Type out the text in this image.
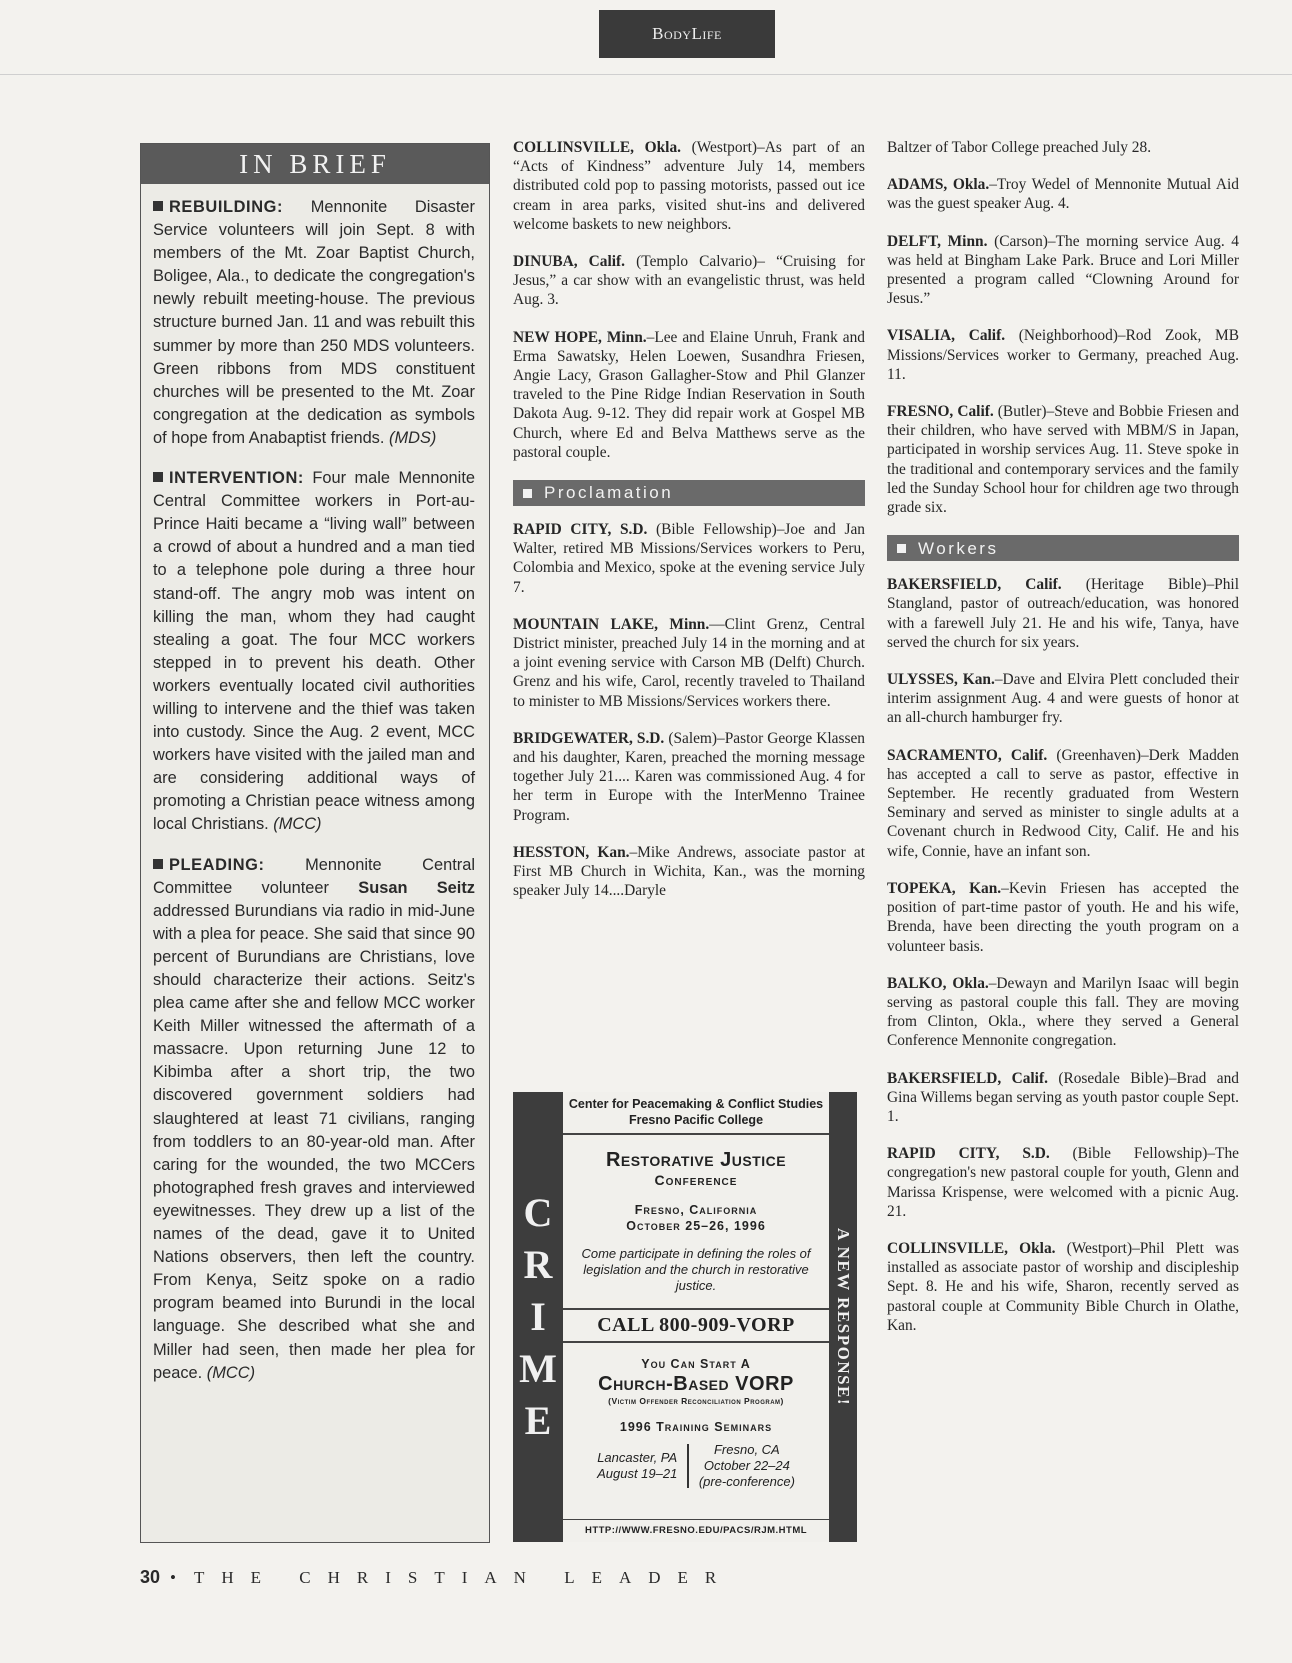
BodyLife
IN BRIEF

REBUILDING: Mennonite Disaster Service volunteers will join Sept. 8 with members of the Mt. Zoar Baptist Church, Boligee, Ala., to dedicate the congregation's newly rebuilt meeting-house. The previous structure burned Jan. 11 and was rebuilt this summer by more than 250 MDS volunteers. Green ribbons from MDS constituent churches will be presented to the Mt. Zoar congregation at the dedication as symbols of hope from Anabaptist friends. (MDS)

INTERVENTION: Four male Mennonite Central Committee workers in Port-au-Prince Haiti became a “living wall” between a crowd of about a hundred and a man tied to a telephone pole during a three hour stand-off. The angry mob was intent on killing the man, whom they had caught stealing a goat. The four MCC workers stepped in to prevent his death. Other workers eventually located civil authorities willing to intervene and the thief was taken into custody. Since the Aug. 2 event, MCC workers have visited with the jailed man and are considering additional ways of promoting a Christian peace witness among local Christians. (MCC)

PLEADING: Mennonite Central Committee volunteer Susan Seitz addressed Burundians via radio in mid-June with a plea for peace. She said that since 90 percent of Burundians are Christians, love should characterize their actions. Seitz's plea came after she and fellow MCC worker Keith Miller witnessed the aftermath of a massacre. Upon returning June 12 to Kibimba after a short trip, the two discovered government soldiers had slaughtered at least 71 civilians, ranging from toddlers to an 80-year-old man. After caring for the wounded, the two MCCers photographed fresh graves and interviewed eyewitnesses. They drew up a list of the names of the dead, gave it to United Nations observers, then left the country. From Kenya, Seitz spoke on a radio program beamed into Burundi in the local language. She described what she and Miller had seen, then made her plea for peace. (MCC)

COLLINSVILLE, Okla. (Westport)–As part of an “Acts of Kindness” adventure July 14, members distributed cold pop to passing motorists, passed out ice cream in area parks, visited shut-ins and delivered welcome baskets to new neighbors.

DINUBA, Calif. (Templo Calvario)– “Cruising for Jesus,” a car show with an evangelistic thrust, was held Aug. 3.

NEW HOPE, Minn.–Lee and Elaine Unruh, Frank and Erma Sawatsky, Helen Loewen, Susandhra Friesen, Angie Lacy, Grason Gallagher-Stow and Phil Glanzer traveled to the Pine Ridge Indian Reservation in South Dakota Aug. 9-12. They did repair work at Gospel MB Church, where Ed and Belva Matthews serve as the pastoral couple.

Proclamation

RAPID CITY, S.D. (Bible Fellowship)–Joe and Jan Walter, retired MB Missions/Services workers to Peru, Colombia and Mexico, spoke at the evening service July 7.

MOUNTAIN LAKE, Minn.—Clint Grenz, Central District minister, preached July 14 in the morning and at a joint evening service with Carson MB (Delft) Church. Grenz and his wife, Carol, recently traveled to Thailand to minister to MB Missions/Services workers there.

BRIDGEWATER, S.D. (Salem)–Pastor George Klassen and his daughter, Karen, preached the morning message together July 21.... Karen was commissioned Aug. 4 for her term in Europe with the InterMenno Trainee Program.

HESSTON, Kan.–Mike Andrews, associate pastor at First MB Church in Wichita, Kan., was the morning speaker July 14....Daryle

Baltzer of Tabor College preached July 28.

ADAMS, Okla.–Troy Wedel of Mennonite Mutual Aid was the guest speaker Aug. 4.

DELFT, Minn. (Carson)–The morning service Aug. 4 was held at Bingham Lake Park. Bruce and Lori Miller presented a program called “Clowning Around for Jesus.”

VISALIA, Calif. (Neighborhood)–Rod Zook, MB Missions/Services worker to Germany, preached Aug. 11.

FRESNO, Calif. (Butler)–Steve and Bobbie Friesen and their children, who have served with MBM/S in Japan, participated in worship services Aug. 11. Steve spoke in the traditional and contemporary services and the family led the Sunday School hour for children age two through grade six.

Workers

BAKERSFIELD, Calif. (Heritage Bible)–Phil Stangland, pastor of outreach/education, was honored with a farewell July 21. He and his wife, Tanya, have served the church for six years.

ULYSSES, Kan.–Dave and Elvira Plett concluded their interim assignment Aug. 4 and were guests of honor at an all-church hamburger fry.

SACRAMENTO, Calif. (Greenhaven)–Derk Madden has accepted a call to serve as pastor, effective in September. He recently graduated from Western Seminary and served as minister to single adults at a Covenant church in Redwood City, Calif. He and his wife, Connie, have an infant son.

TOPEKA, Kan.–Kevin Friesen has accepted the position of part-time pastor of youth. He and his wife, Brenda, have been directing the youth program on a volunteer basis.

BALKO, Okla.–Dewayn and Marilyn Isaac will begin serving as pastoral couple this fall. They are moving from Clinton, Okla., where they served a General Conference Mennonite congregation.

BAKERSFIELD, Calif. (Rosedale Bible)–Brad and Gina Willems began serving as youth pastor couple Sept. 1.

RAPID CITY, S.D. (Bible Fellowship)–The congregation's new pastoral couple for youth, Glenn and Marissa Krispense, were welcomed with a picnic Aug. 21.

COLLINSVILLE, Okla. (Westport)–Phil Plett was installed as associate pastor of worship and discipleship Sept. 8. He and his wife, Sharon, recently served as pastoral couple at Community Bible Church in Olathe, Kan.

C
R
I
M
E
Center for Peacemaking & Conflict Studies
Fresno Pacific College
Restorative Justice
Conference
Fresno, California
October 25–26, 1996
Come participate in defining the roles of legislation and the church in restorative justice.
CALL 800-909-VORP
You Can Start A
Church-Based VORP
(Victim Offender Reconciliation Program)
1996 Training Seminars
Lancaster, PA
August 19–21
Fresno, CA
October 22–24
(pre-conference)
HTTP://WWW.FRESNO.EDU/PACS/RJM.HTML
A NEW RESPONSE!
30 • THE CHRISTIAN LEADER
